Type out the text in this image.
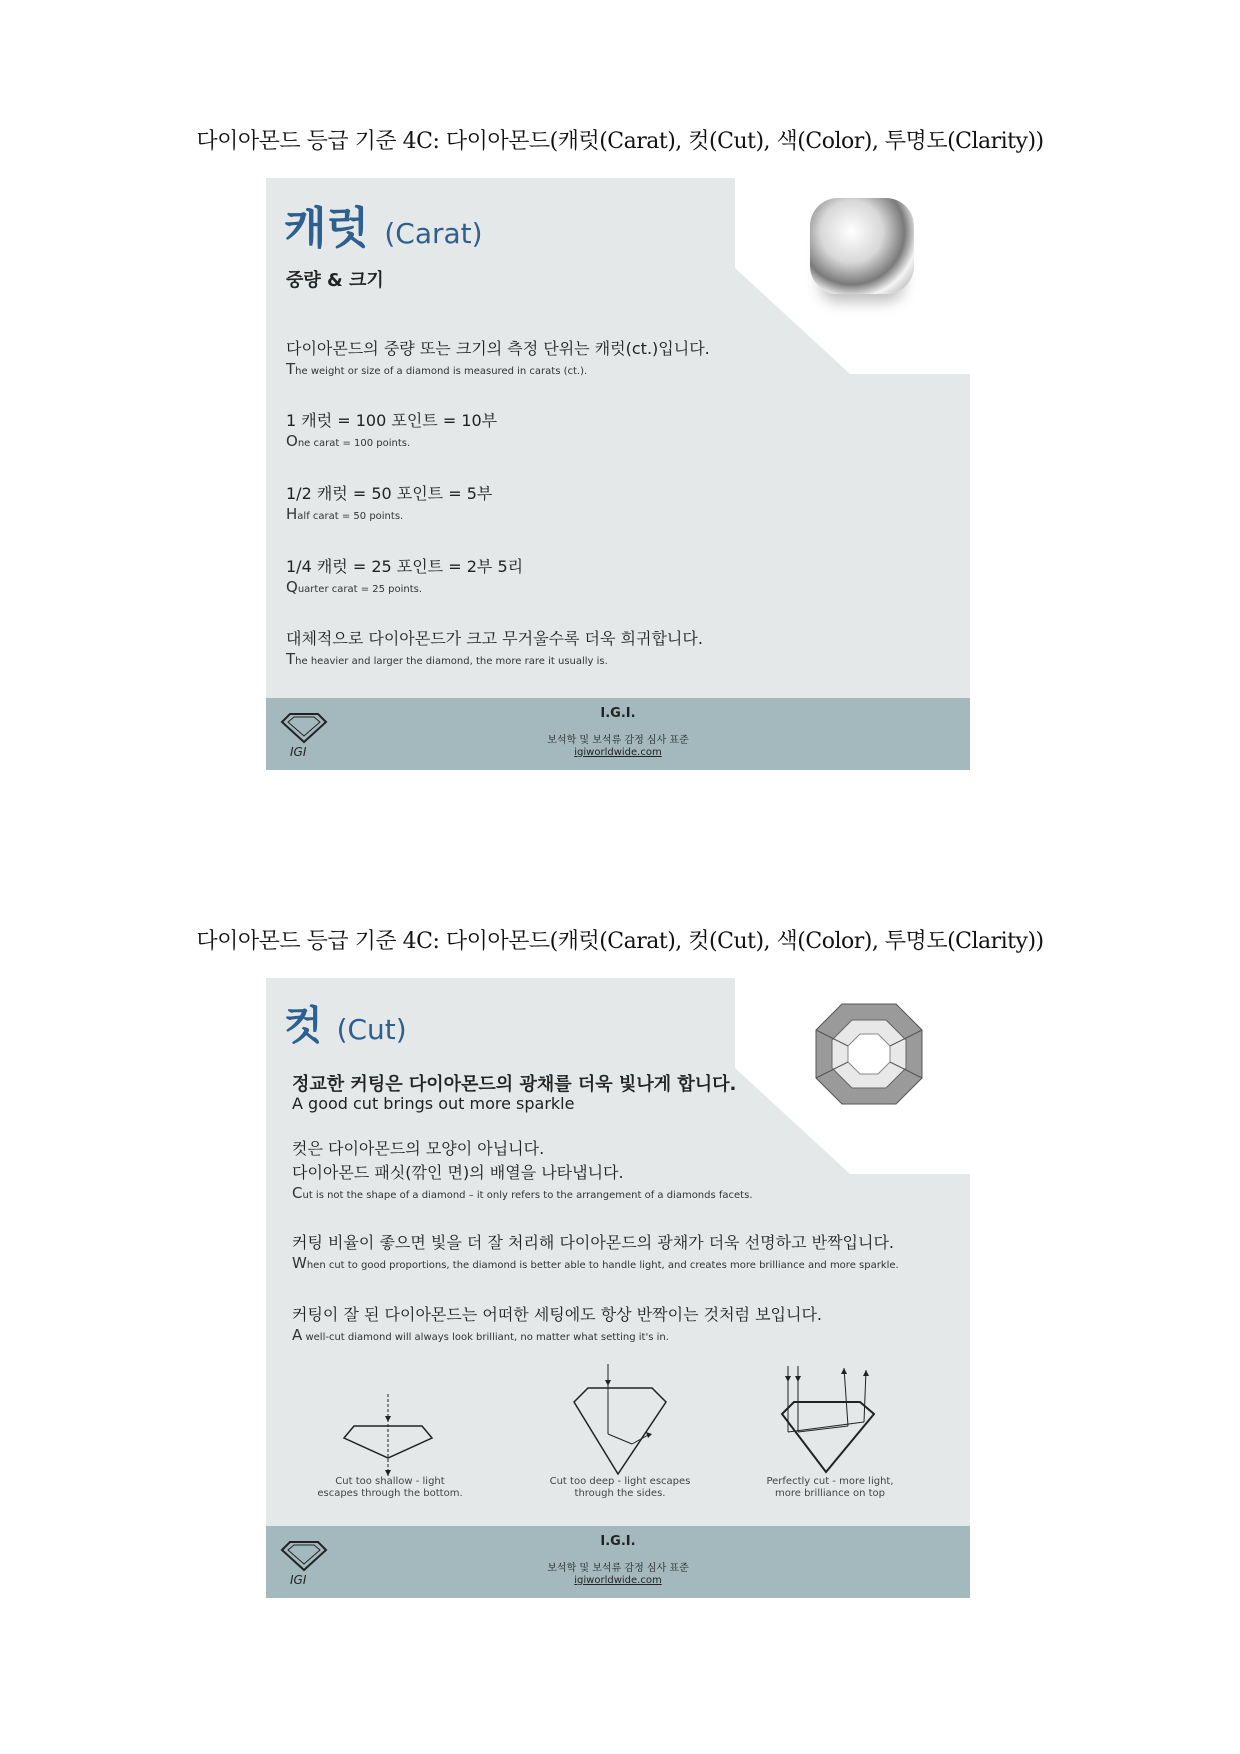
다이아몬드 등급 기준 4C: 다이아몬드(캐럿(Carat), 컷(Cut), 색(Color), 투명도(Clarity))
캐럿 (Carat)
중량 & 크기
다이아몬드의 중량 또는 크기의 측정 단위는 캐럿(ct.)입니다.
The weight or size of a diamond is measured in carats (ct.).
1 캐럿 = 100 포인트 = 10부
One carat = 100 points.
1/2 캐럿 = 50 포인트 = 5부
Half carat = 50 points.
1/4 캐럿 = 25 포인트 = 2부 5리
Quarter carat = 25 points.
대체적으로 다이아몬드가 크고 무거울수록 더욱 희귀합니다.
The heavier and larger the diamond, the more rare it usually is.
IGI
I.G.I.
보석학 및 보석류 감정 심사 표준
igiworldwide.com
다이아몬드 등급 기준 4C: 다이아몬드(캐럿(Carat), 컷(Cut), 색(Color), 투명도(Clarity))
컷 (Cut)
정교한 커팅은 다이아몬드의 광채를 더욱 빛나게 합니다.
A good cut brings out more sparkle
컷은 다이아몬드의 모양이 아닙니다.
다이아몬드 패싯(깎인 면)의 배열을 나타냅니다.
Cut is not the shape of a diamond – it only refers to the arrangement of a diamonds facets.
커팅 비율이 좋으면 빛을 더 잘 처리해 다이아몬드의 광채가 더욱 선명하고 반짝입니다.
When cut to good proportions, the diamond is better able to handle light, and creates more brilliance and more sparkle.
커팅이 잘 된 다이아몬드는 어떠한 세팅에도 항상 반짝이는 것처럼 보입니다.
A well-cut diamond will always look brilliant, no matter what setting it's in.
Cut too shallow - light
escapes through the bottom.
Cut too deep - light escapes
through the sides.
Perfectly cut - more light,
more brilliance on top
IGI
I.G.I.
보석학 및 보석류 감정 심사 표준
igiworldwide.com
